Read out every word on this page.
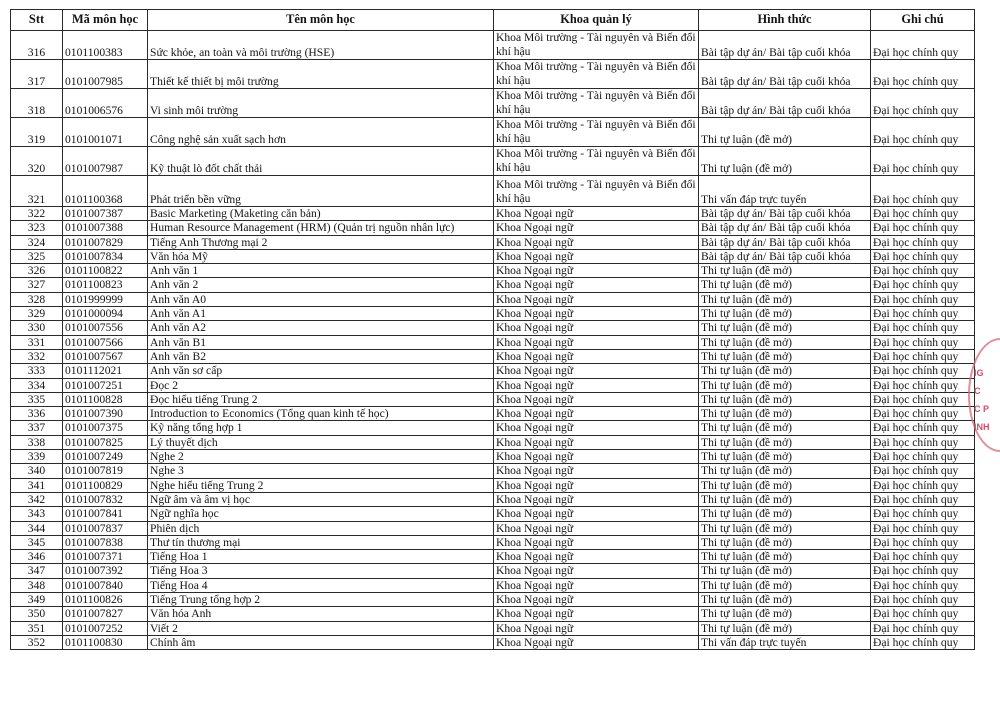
Stt	Mã môn học	Tên môn học	Khoa quản lý	Hình thức	Ghi chú
316	0101100383	Sức khỏe, an toàn và môi trường (HSE)	Khoa Môi trường - Tài nguyên và Biến đổi khí hậu	Bài tập dự án/ Bài tập cuối khóa	Đại học chính quy
317	0101007985	Thiết kế thiết bị môi trường	Khoa Môi trường - Tài nguyên và Biến đổi khí hậu	Bài tập dự án/ Bài tập cuối khóa	Đại học chính quy
318	0101006576	Vi sinh môi trường	Khoa Môi trường - Tài nguyên và Biến đổi khí hậu	Bài tập dự án/ Bài tập cuối khóa	Đại học chính quy
319	0101001071	Công nghệ sản xuất sạch hơn	Khoa Môi trường - Tài nguyên và Biến đổi khí hậu	Thi tự luận (đề mở)	Đại học chính quy
320	0101007987	Kỹ thuật lò đốt chất thải	Khoa Môi trường - Tài nguyên và Biến đổi khí hậu	Thi tự luận (đề mở)	Đại học chính quy
321	0101100368	Phát triển bền vững	Khoa Môi trường - Tài nguyên và Biến đổi khí hậu	Thi vấn đáp trực tuyến	Đại học chính quy
322	0101007387	Basic Marketing (Maketing căn bản)	Khoa Ngoại ngữ	Bài tập dự án/ Bài tập cuối khóa	Đại học chính quy
323	0101007388	Human Resource Management (HRM) (Quản trị nguồn nhân lực)	Khoa Ngoại ngữ	Bài tập dự án/ Bài tập cuối khóa	Đại học chính quy
324	0101007829	Tiếng Anh Thương mại 2	Khoa Ngoại ngữ	Bài tập dự án/ Bài tập cuối khóa	Đại học chính quy
325	0101007834	Văn hóa Mỹ	Khoa Ngoại ngữ	Bài tập dự án/ Bài tập cuối khóa	Đại học chính quy
326	0101100822	Anh văn 1	Khoa Ngoại ngữ	Thi tự luận (đề mở)	Đại học chính quy
327	0101100823	Anh văn 2	Khoa Ngoại ngữ	Thi tự luận (đề mở)	Đại học chính quy
328	0101999999	Anh văn A0	Khoa Ngoại ngữ	Thi tự luận (đề mở)	Đại học chính quy
329	0101000094	Anh văn A1	Khoa Ngoại ngữ	Thi tự luận (đề mở)	Đại học chính quy
330	0101007556	Anh văn A2	Khoa Ngoại ngữ	Thi tự luận (đề mở)	Đại học chính quy
331	0101007566	Anh văn B1	Khoa Ngoại ngữ	Thi tự luận (đề mở)	Đại học chính quy
332	0101007567	Anh văn B2	Khoa Ngoại ngữ	Thi tự luận (đề mở)	Đại học chính quy
333	0101112021	Anh văn sơ cấp	Khoa Ngoại ngữ	Thi tự luận (đề mở)	Đại học chính quy
334	0101007251	Đọc 2	Khoa Ngoại ngữ	Thi tự luận (đề mở)	Đại học chính quy
335	0101100828	Đọc hiểu tiếng Trung 2	Khoa Ngoại ngữ	Thi tự luận (đề mở)	Đại học chính quy
336	0101007390	Introduction to Economics (Tổng quan kinh tế học)	Khoa Ngoại ngữ	Thi tự luận (đề mở)	Đại học chính quy
337	0101007375	Kỹ năng tổng hợp 1	Khoa Ngoại ngữ	Thi tự luận (đề mở)	Đại học chính quy
338	0101007825	Lý thuyết dịch	Khoa Ngoại ngữ	Thi tự luận (đề mở)	Đại học chính quy
339	0101007249	Nghe 2	Khoa Ngoại ngữ	Thi tự luận (đề mở)	Đại học chính quy
340	0101007819	Nghe 3	Khoa Ngoại ngữ	Thi tự luận (đề mở)	Đại học chính quy
341	0101100829	Nghe hiểu tiếng Trung 2	Khoa Ngoại ngữ	Thi tự luận (đề mở)	Đại học chính quy
342	0101007832	Ngữ âm và âm vị học	Khoa Ngoại ngữ	Thi tự luận (đề mở)	Đại học chính quy
343	0101007841	Ngữ nghĩa học	Khoa Ngoại ngữ	Thi tự luận (đề mở)	Đại học chính quy
344	0101007837	Phiên dịch	Khoa Ngoại ngữ	Thi tự luận (đề mở)	Đại học chính quy
345	0101007838	Thư tín thương mại	Khoa Ngoại ngữ	Thi tự luận (đề mở)	Đại học chính quy
346	0101007371	Tiếng Hoa 1	Khoa Ngoại ngữ	Thi tự luận (đề mở)	Đại học chính quy
347	0101007392	Tiếng Hoa 3	Khoa Ngoại ngữ	Thi tự luận (đề mở)	Đại học chính quy
348	0101007840	Tiếng Hoa 4	Khoa Ngoại ngữ	Thi tự luận (đề mở)	Đại học chính quy
349	0101100826	Tiếng Trung tổng hợp 2	Khoa Ngoại ngữ	Thi tự luận (đề mở)	Đại học chính quy
350	0101007827	Văn hóa Anh	Khoa Ngoại ngữ	Thi tự luận (đề mở)	Đại học chính quy
351	0101007252	Viết 2	Khoa Ngoại ngữ	Thi tự luận (đề mở)	Đại học chính quy
352	0101100830	Chính âm	Khoa Ngoại ngữ	Thi vấn đáp trực tuyến	Đại học chính quy
IG
C
C P
INH
